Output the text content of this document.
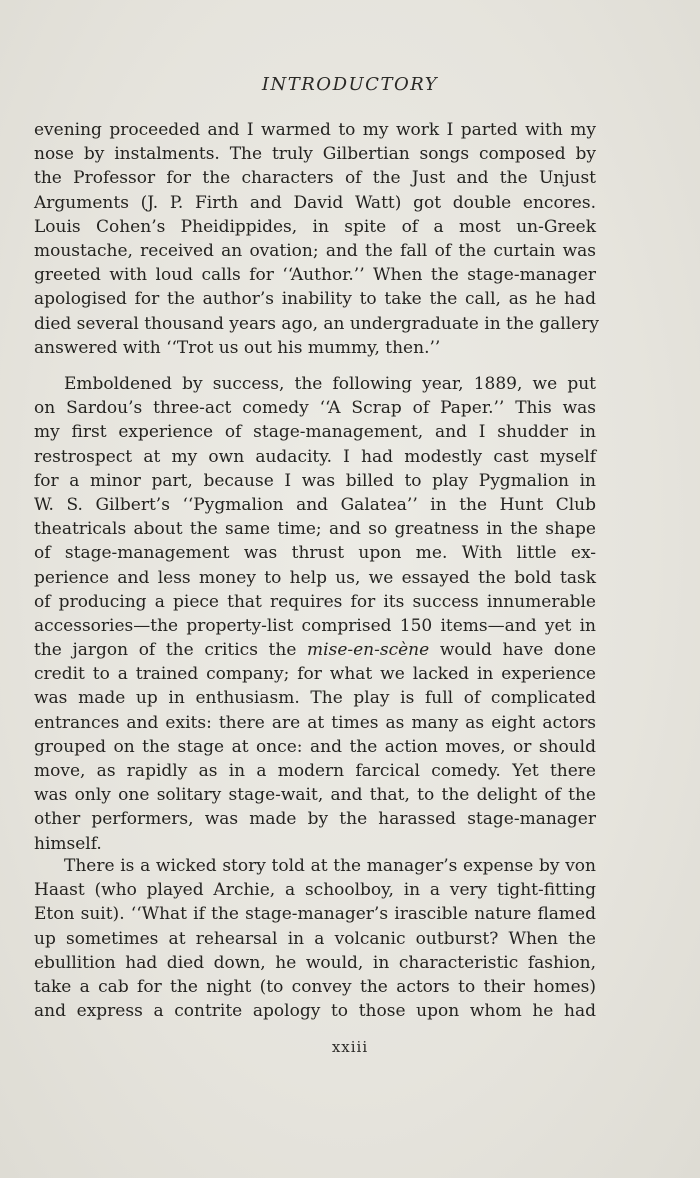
INTRODUCTORY
evening proceeded and I warmed to my work I parted with my
nose by instalments. The truly Gilbertian songs composed by
the Professor for the characters of the Just and the Unjust
Arguments (J. P. Firth and David Watt) got double encores.
Louis Cohen’s Pheidippides, in spite of a most un-Greek
moustache, received an ovation; and the fall of the curtain was
greeted with loud calls for ‘‘Author.’’ When the stage-manager
apologised for the author’s inability to take the call, as he had
died several thousand years ago, an undergraduate in the gallery
answered with ‘‘Trot us out his mummy, then.’’
Emboldened by success, the following year, 1889, we put
on Sardou’s three-act comedy ‘‘A Scrap of Paper.’’ This was
my first experience of stage-management, and I shudder in
restrospect at my own audacity. I had modestly cast myself
for a minor part, because I was billed to play Pygmalion in
W. S. Gilbert’s ‘‘Pygmalion and Galatea’’ in the Hunt Club
theatricals about the same time; and so greatness in the shape
of stage-management was thrust upon me. With little ex-
perience and less money to help us, we essayed the bold task
of producing a piece that requires for its success innumerable
accessories—the property-list comprised 150 items—and yet in
the jargon of the critics the mise-en-scène would have done
credit to a trained company; for what we lacked in experience
was made up in enthusiasm. The play is full of complicated
entrances and exits: there are at times as many as eight actors
grouped on the stage at once: and the action moves, or should
move, as rapidly as in a modern farcical comedy. Yet there
was only one solitary stage-wait, and that, to the delight of the
other performers, was made by the harassed stage-manager
himself.
There is a wicked story told at the manager’s expense by von
Haast (who played Archie, a schoolboy, in a very tight-fitting
Eton suit). ‘‘What if the stage-manager’s irascible nature flamed
up sometimes at rehearsal in a volcanic outburst? When the
ebullition had died down, he would, in characteristic fashion,
take a cab for the night (to convey the actors to their homes)
and express a contrite apology to those upon whom he had
xxiii
